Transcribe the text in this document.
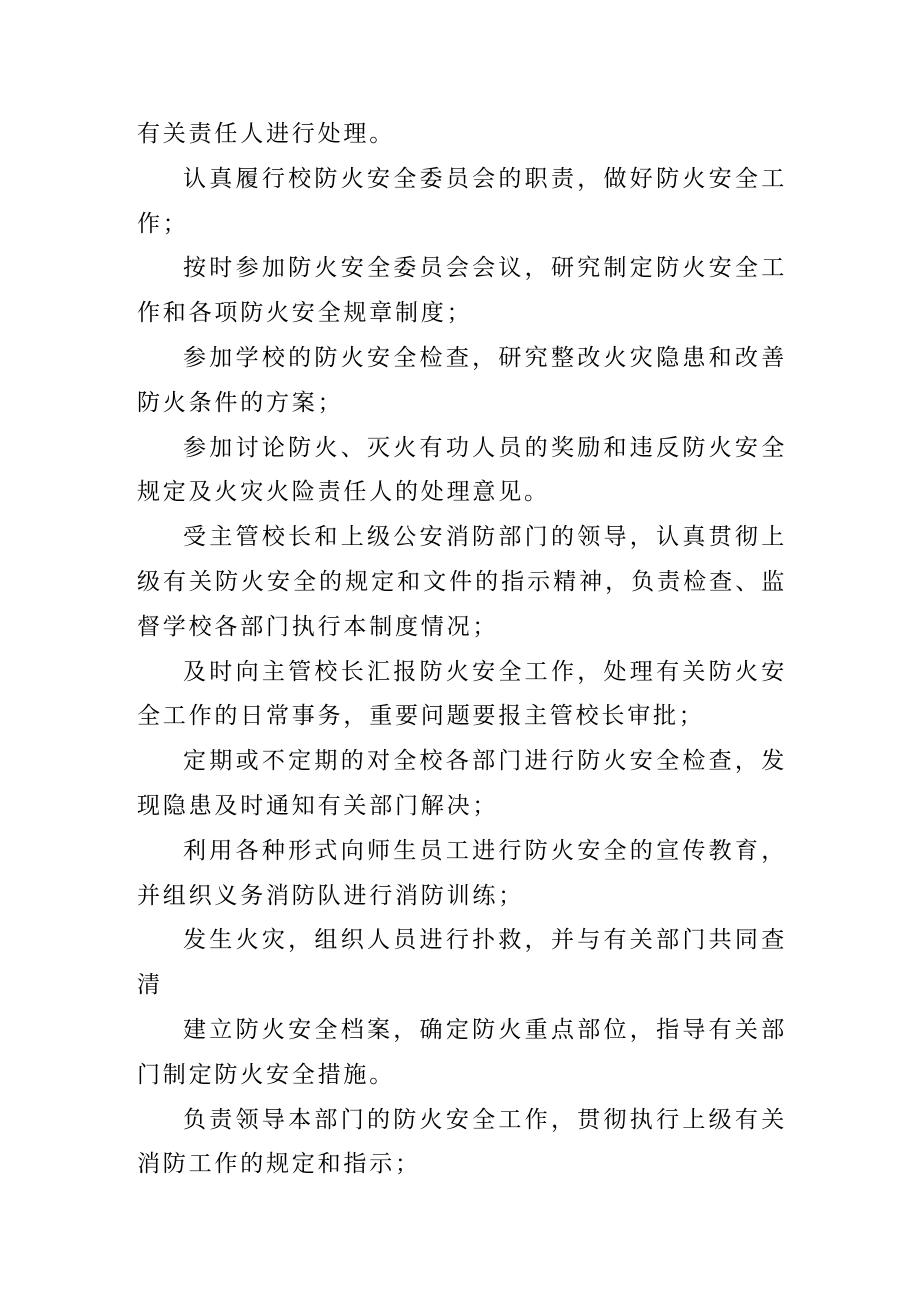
有关责任人进行处理。

认真履行校防火安全委员会的职责，做好防火安全工作；

按时参加防火安全委员会会议，研究制定防火安全工作和各项防火安全规章制度；

参加学校的防火安全检查，研究整改火灾隐患和改善防火条件的方案；

参加讨论防火、灭火有功人员的奖励和违反防火安全规定及火灾火险责任人的处理意见。

受主管校长和上级公安消防部门的领导，认真贯彻上级有关防火安全的规定和文件的指示精神，负责检查、监督学校各部门执行本制度情况；

及时向主管校长汇报防火安全工作，处理有关防火安全工作的日常事务，重要问题要报主管校长审批；

定期或不定期的对全校各部门进行防火安全检查，发现隐患及时通知有关部门解决；

利用各种形式向师生员工进行防火安全的宣传教育，并组织义务消防队进行消防训练；

发生火灾，组织人员进行扑救，并与有关部门共同查清

建立防火安全档案，确定防火重点部位，指导有关部门制定防火安全措施。

负责领导本部门的防火安全工作，贯彻执行上级有关消防工作的规定和指示；
